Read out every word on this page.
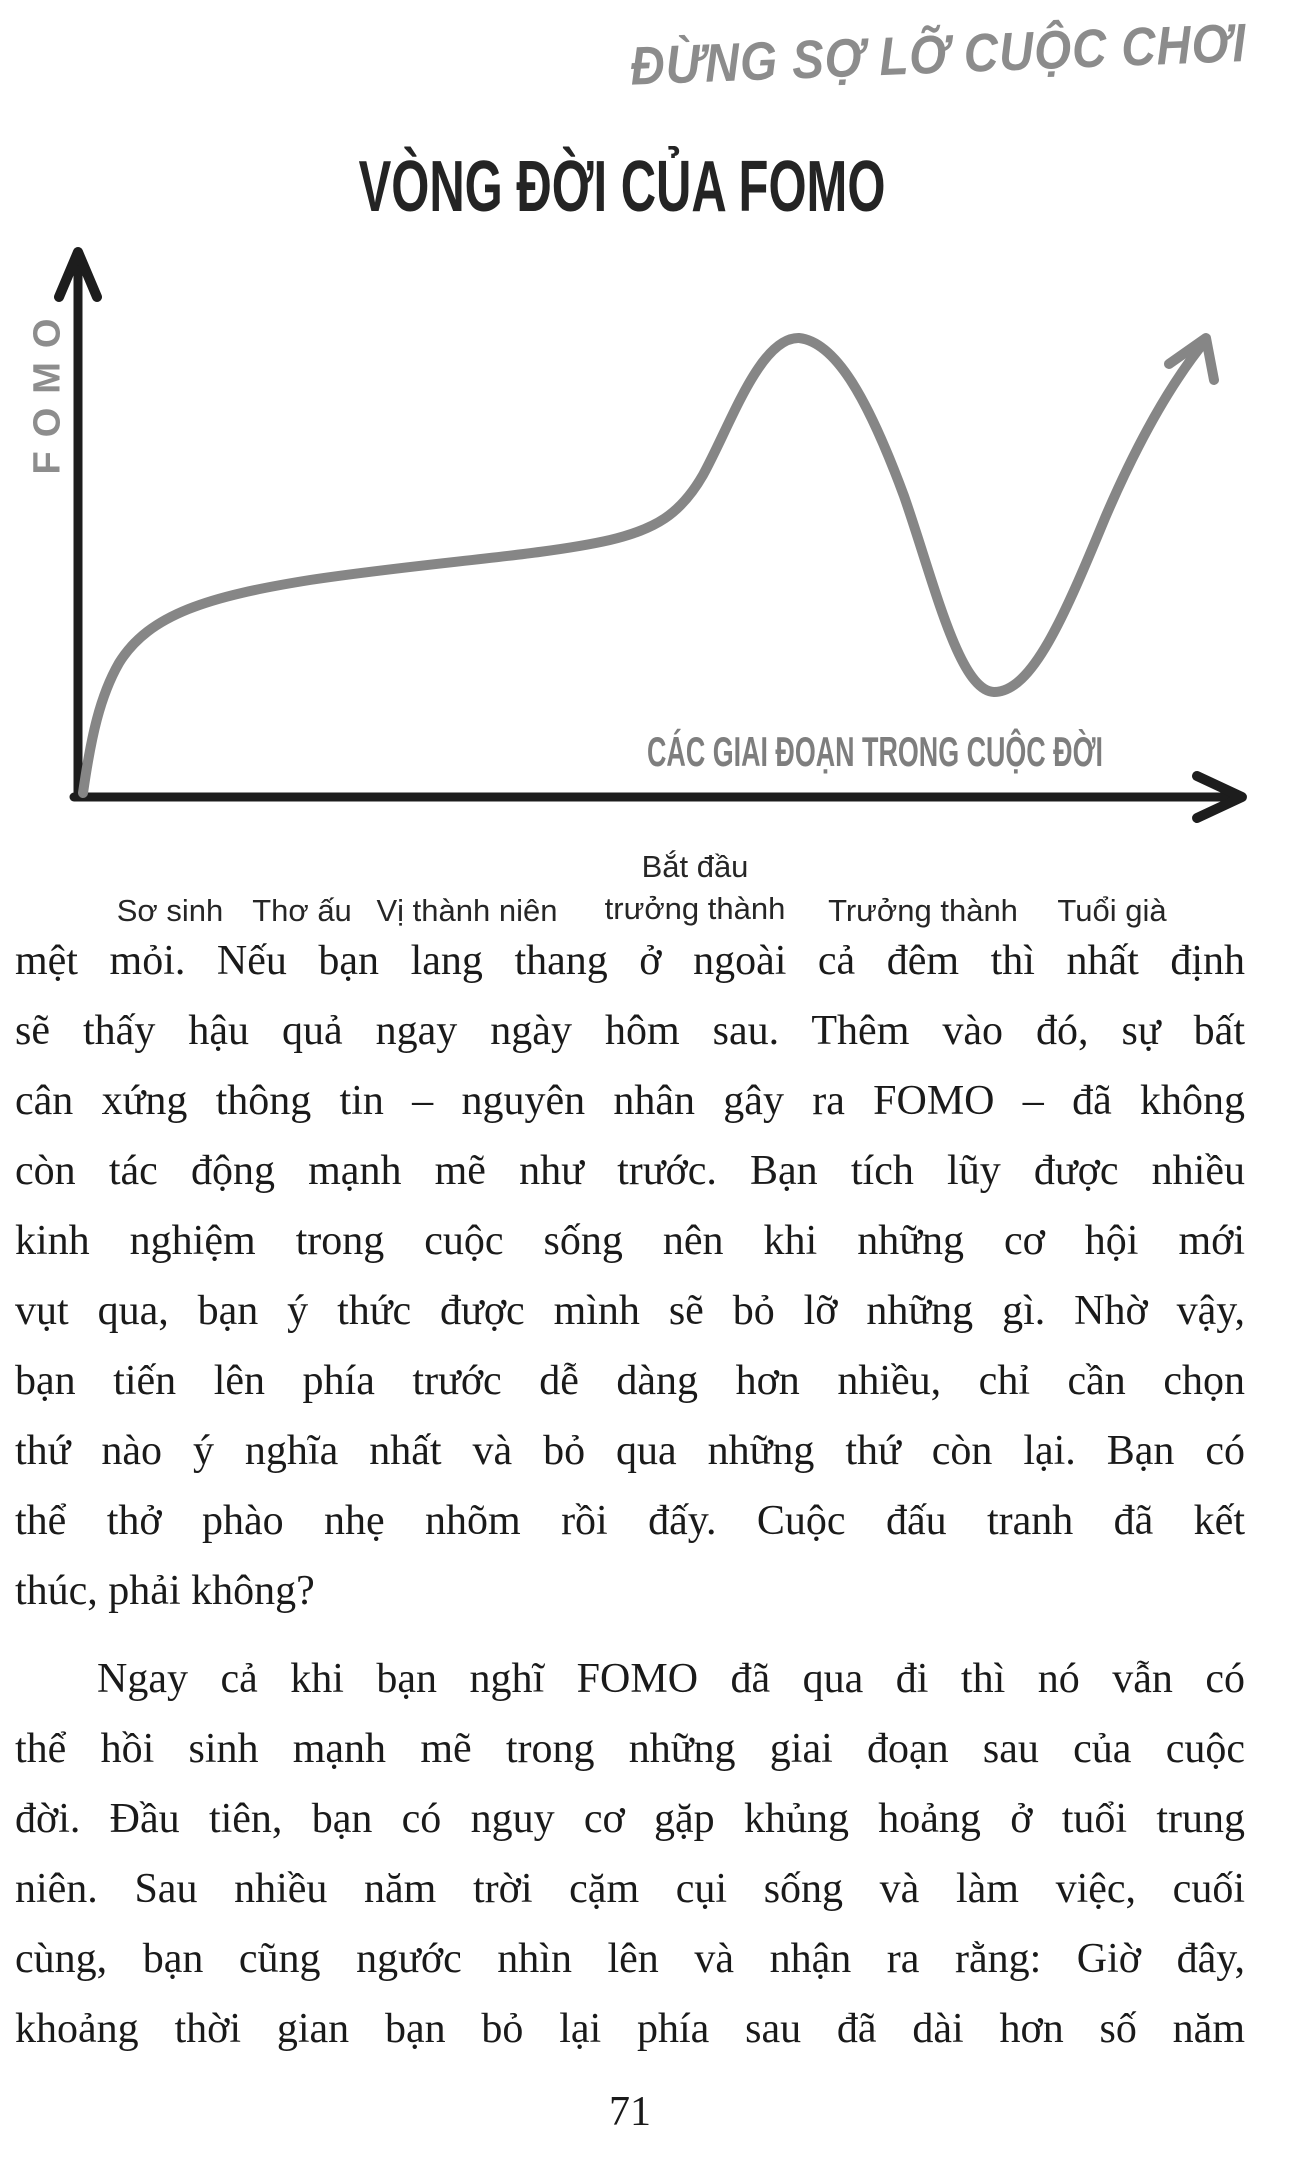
ĐỪNG SỢ LỠ CUỘC CHƠI
VÒNG ĐỜI CỦA FOMO
FOMO
CÁC GIAI ĐOẠN TRONG CUỘC ĐỜI
Sơ sinh Thơ ấu Vị thành niên
Bắt đầu
trưởng thành Trưởng thành Tuổi già
mệt mỏi. Nếu bạn lang thang ở ngoài cả đêm thì nhất định
sẽ thấy hậu quả ngay ngày hôm sau. Thêm vào đó, sự bất
cân xứng thông tin – nguyên nhân gây ra FOMO – đã không
còn tác động mạnh mẽ như trước. Bạn tích lũy được nhiều
kinh nghiệm trong cuộc sống nên khi những cơ hội mới
vụt qua, bạn ý thức được mình sẽ bỏ lỡ những gì. Nhờ vậy,
bạn tiến lên phía trước dễ dàng hơn nhiều, chỉ cần chọn
thứ nào ý nghĩa nhất và bỏ qua những thứ còn lại. Bạn có
thể thở phào nhẹ nhõm rồi đấy. Cuộc đấu tranh đã kết
thúc, phải không?
Ngay cả khi bạn nghĩ FOMO đã qua đi thì nó vẫn có
thể hồi sinh mạnh mẽ trong những giai đoạn sau của cuộc
đời. Đầu tiên, bạn có nguy cơ gặp khủng hoảng ở tuổi trung
niên. Sau nhiều năm trời cặm cụi sống và làm việc, cuối
cùng, bạn cũng ngước nhìn lên và nhận ra rằng: Giờ đây,
khoảng thời gian bạn bỏ lại phía sau đã dài hơn số năm
71
